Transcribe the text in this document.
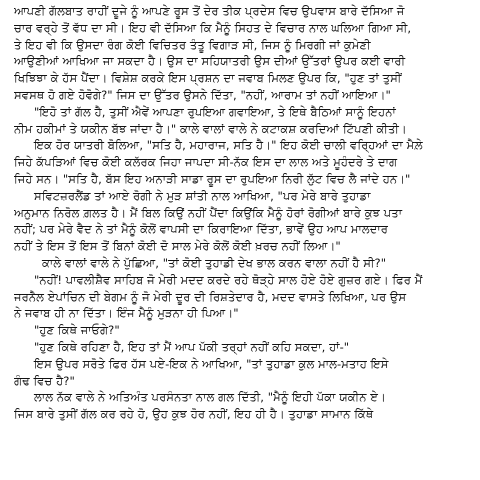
ਆਪਣੀ ਗੱਲਬਾਤ ਰਾਹੀਂ ਦੂਜੇ ਨੂੰ ਆਪਣੇ ਰੂਸ ਤੋਂ ਦੇਰ ਤੀਕ ਪ੍ਰਦੇਸ ਵਿਚ ਉਪਵਾਸ ਬਾਰੇ ਦੱਸਿਆ ਜੋ
ਚਾਰ ਵਰ੍ਹੇ ਤੋਂ ਵੱਧ ਦਾ ਸੀ। ਇਹ ਵੀ ਦੱਸਿਆ ਕਿ ਮੈਨੂੰ ਸਿਹਤ ਦੇ ਵਿਚਾਰ ਨਾਲ ਘਲਿਆ ਗਿਆ ਸੀ,
ਤੇ ਇਹ ਵੀ ਕਿ ਉਸਦਾ ਰੰਗ ਕੋਈ ਵਿਚਿਤਰ ਤੰਤੂ ਵਿਗਾੜ ਸੀ, ਜਿਸ ਨੂੰ ਮਿਰਗੀ ਜਾਂ ਕੁਮੇਣੀ
ਆਉਣੀਆਂ ਆਖਿਆ ਜਾ ਸਕਦਾ ਹੈ। ਉਸ ਦਾ ਸਹਿਯਾਤਰੀ ਉਸ ਦੀਆਂ ਉੱਤਰਾਂ ਉਪਰ ਕਈ ਵਾਰੀ
ਖਿਝਿਝਾ ਕੇ ਹੱਸ ਪੈਂਦਾ। ਵਿਸ਼ੇਸ਼ ਕਰਕੇ ਇਸ ਪ੍ਰਸ਼ਨ ਦਾ ਜਵਾਬ ਮਿਲਣ ਉਪਰ ਕਿ, "ਹੁਣ ਤਾਂ ਤੁਸੀਂ
ਸਵਸਥ ਹੋ ਗਏ ਹੋਵੋਗੇ?" ਜਿਸ ਦਾ ਉੱਤਰ ਉਸਨੇ ਦਿੱਤਾ, "ਨਹੀਂ, ਆਰਾਮ ਤਾਂ ਨਹੀਂ ਆਇਆ।"
"ਇਹੋ ਤਾਂ ਗੱਲ ਹੈ, ਤੁਸੀਂ ਐਵੇਂ ਆਪਣਾ ਰੁਪਇਆ ਗਵਾਇਆ, ਤੇ ਇਥੇ ਬੈਠਿਆਂ ਸਾਨੂੰ ਇਹਨਾਂ
ਨੀਮ ਹਕੀਮਾਂ ਤੇ ਯਕੀਨ ਬੱਝ ਜਾਂਦਾ ਹੈ।" ਕਾਲੇ ਵਾਲਾਂ ਵਾਲੇ ਨੇ ਕਟਾਕਸ਼ ਕਰਦਿਆਂ ਟਿੱਪਣੀ ਕੀਤੀ।
ਇਕ ਹੋਰ ਯਾਤਰੀ ਬੋਲਿਆ, "ਸਤਿ ਹੈ, ਮਹਾਰਾਜ, ਸਤਿ ਹੈ।" ਇਹ ਕੋਈ ਚਾਲੀ ਵਰ੍ਹਿਆਂ ਦਾ ਮੈਲ਼ੇ
ਜਿਹੇ ਕੱਪੜਿਆਂ ਵਿਚ ਕੋਈ ਕਲੱਰਕ ਜਿਹਾ ਜਾਪਦਾ ਸੀ-ਨੱਕ ਇਸ ਦਾ ਲਾਲ ਅਤੇ ਮੂਹੰਦਰੇ ਤੇ ਦਾਗ
ਜਿਹੇ ਸਨ। "ਸਤਿ ਹੈ, ਬੱਸ ਇਹ ਅਨਾੜੀ ਸਾਡਾ ਰੂਸ ਦਾ ਰੁਪਇਆ ਨਿਰੀ ਲੁੱਟ ਵਿਚ ਲੈ ਜਾਂਦੇ ਹਨ।"
ਸਵਿਟਜ਼ਰਲੈਂਡ ਤਾਂ ਆਏ ਰੋਗੀ ਨੇ ਮੁੜ ਸ਼ਾਂਤੀ ਨਾਲ ਆਖਿਆ, "ਪਰ ਮੇਰੇ ਬਾਰੇ ਤੁਹਾਡਾ
ਅਨੁਮਾਨ ਨਿਰੋਲ ਗ਼ਲਤ ਹੈ। ਮੈਂ ਬਿਲ ਕਿਉਂ ਨਹੀਂ ਪੈਂਦਾ ਕਿਉਂਕਿ ਮੈਨੂੰ ਹੋਰਾਂ ਰੋਗੀਆਂ ਬਾਰੇ ਕੁਝ ਪਤਾ
ਨਹੀਂ; ਪਰ ਮੇਰੇ ਵੈਦ ਨੇ ਤਾਂ ਮੈਨੂੰ ਕੋਲੋਂ ਵਾਪਸੀ ਦਾ ਕਿਰਾਇਆ ਦਿੱਤਾ, ਭਾਵੇਂ ਉਹ ਆਪ ਮਾਲਦਾਰ
ਨਹੀਂ ਤੇ ਇਸ ਤੋਂ ਇਸ ਤੋਂ ਬਿਨਾਂ ਕੋਈ ਦੋ ਸਾਲ ਮੇਰੇ ਕੋਲੋਂ ਕੋਈ ਖ਼ਰਚ ਨਹੀਂ ਲਿਆ।"
ਕਾਲੇ ਵਾਲਾਂ ਵਾਲੇ ਨੇ ਪੁੱਛਿਆ, "ਤਾਂ ਕੋਈ ਤੁਹਾਡੀ ਦੇਖ ਭਾਲ ਕਰਨ ਵਾਲਾ ਨਹੀਂ ਹੈ ਸੀ?"
"ਨਹੀਂ! ਪਾਵਲੀਸ਼ੈਵ ਸਾਹਿਬ ਜੋ ਮੇਰੀ ਮਦਦ ਕਰਦੇ ਰਹੇ ਥੋੜ੍ਹੇ ਸਾਲ ਹੋਏ ਹੋਏ ਗੁਜ਼ਰ ਗਏ। ਫਿਰ ਮੈਂ
ਜਰਨੈਲ ਏਪਾਂਚਿਨ ਦੀ ਬੇਗਮ ਨੂੰ ਜੋ ਮੇਰੀ ਦੂਰ ਦੀ ਰਿਸ਼ਤੇਦਾਰ ਹੈ, ਮਦਦ ਵਾਸਤੇ ਲਿਖਿਆ, ਪਰ ਉਸ
ਨੇ ਜਵਾਬ ਹੀ ਨਾ ਦਿੱਤਾ। ਇੰਜ ਮੈਨੂੰ ਮੁੜਨਾ ਹੀ ਪਿਆ।"
"ਹੁਣ ਕਿਥੇ ਜਾਓਗੇ?"
"ਹੁਣ ਕਿਥੇ ਰਹਿਣਾ ਹੈ, ਇਹ ਤਾਂ ਮੈਂ ਆਪ ਪੱਕੀ ਤਰ੍ਹਾਂ ਨਹੀਂ ਕਹਿ ਸਕਦਾ, ਹਾਂ-"
ਇਸ ਉਪਰ ਸਰੋਤੇ ਫਿਰ ਹੱਸ ਪਏ-ਇਕ ਨੇ ਆਖਿਆ, "ਤਾਂ ਤੁਹਾਡਾ ਕੁਲ ਮਾਲ-ਮਤਾਹ ਇਸੇ
ਗੰਢ ਵਿਚ ਹੈ?"
ਲਾਲ ਨੱਕ ਵਾਲੇ ਨੇ ਅਤਿਅੰਤ ਪਰਸੰਨਤਾ ਨਾਲ ਗਲ ਦਿੱਤੀ, "ਮੈਨੂੰ ਇਹੀ ਪੱਕਾ ਯਕੀਨ ਏ।
ਜਿਸ ਬਾਰੇ ਤੁਸੀਂ ਗੱਲ ਕਰ ਰਹੇ ਹੋ, ਉਹ ਕੁਝ ਹੋਰ ਨਹੀਂ, ਇਹ ਹੀ ਹੈ। ਤੁਹਾਡਾ ਸਾਮਾਨ ਕਿੱਥੇ
